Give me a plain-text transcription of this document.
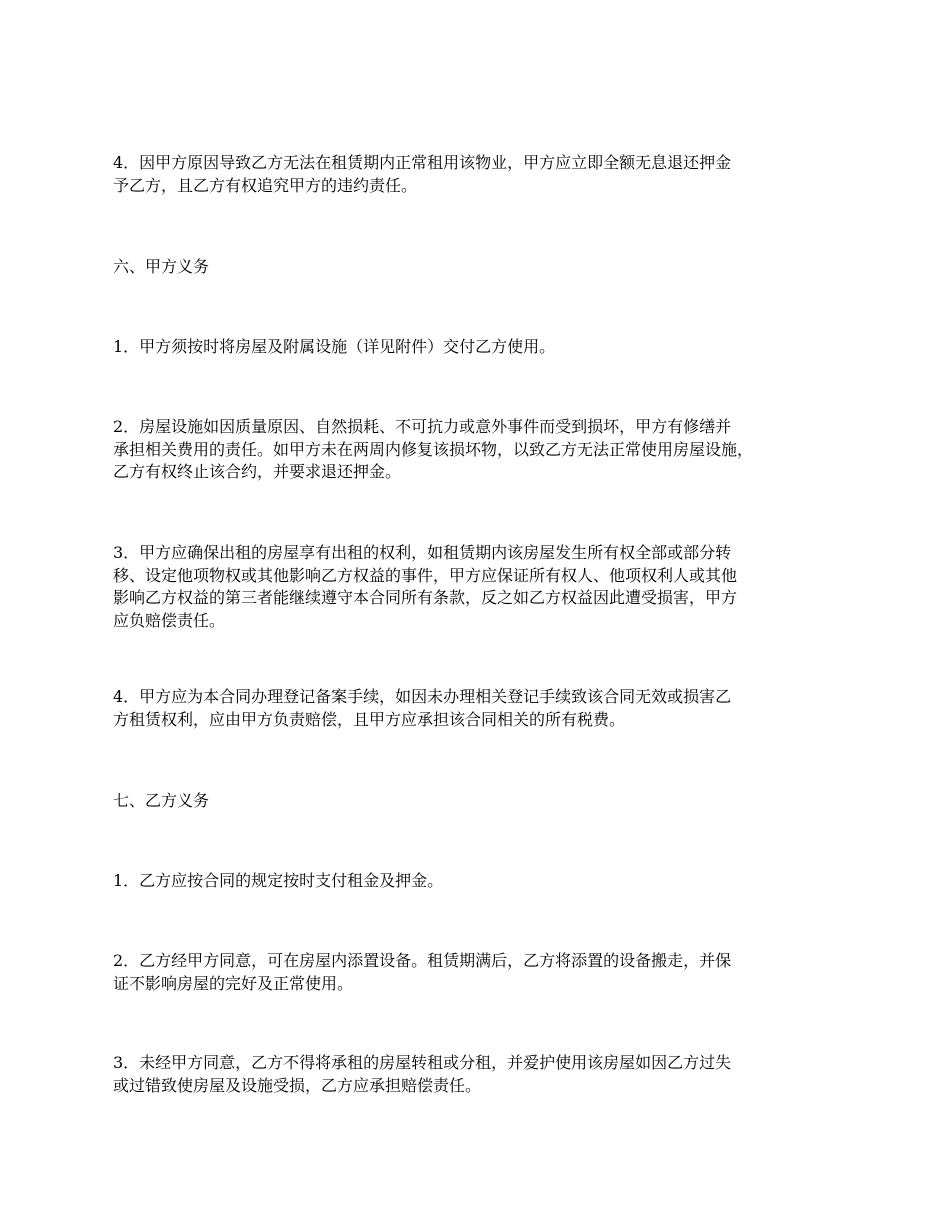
4．因甲方原因导致乙方无法在租赁期内正常租用该物业，甲方应立即全额无息退还押金
予乙方，且乙方有权追究甲方的违约责任。

六、甲方义务

1．甲方须按时将房屋及附属设施（详见附件）交付乙方使用。

2．房屋设施如因质量原因、自然损耗、不可抗力或意外事件而受到损坏，甲方有修缮并
承担相关费用的责任。如甲方未在两周内修复该损坏物，以致乙方无法正常使用房屋设施，
乙方有权终止该合约，并要求退还押金。

3．甲方应确保出租的房屋享有出租的权利，如租赁期内该房屋发生所有权全部或部分转
移、设定他项物权或其他影响乙方权益的事件，甲方应保证所有权人、他项权利人或其他
影响乙方权益的第三者能继续遵守本合同所有条款，反之如乙方权益因此遭受损害，甲方
应负赔偿责任。

4．甲方应为本合同办理登记备案手续，如因未办理相关登记手续致该合同无效或损害乙
方租赁权利，应由甲方负责赔偿，且甲方应承担该合同相关的所有税费。

七、乙方义务

1．乙方应按合同的规定按时支付租金及押金。

2．乙方经甲方同意，可在房屋内添置设备。租赁期满后，乙方将添置的设备搬走，并保
证不影响房屋的完好及正常使用。

3．未经甲方同意，乙方不得将承租的房屋转租或分租，并爱护使用该房屋如因乙方过失
或过错致使房屋及设施受损，乙方应承担赔偿责任。
